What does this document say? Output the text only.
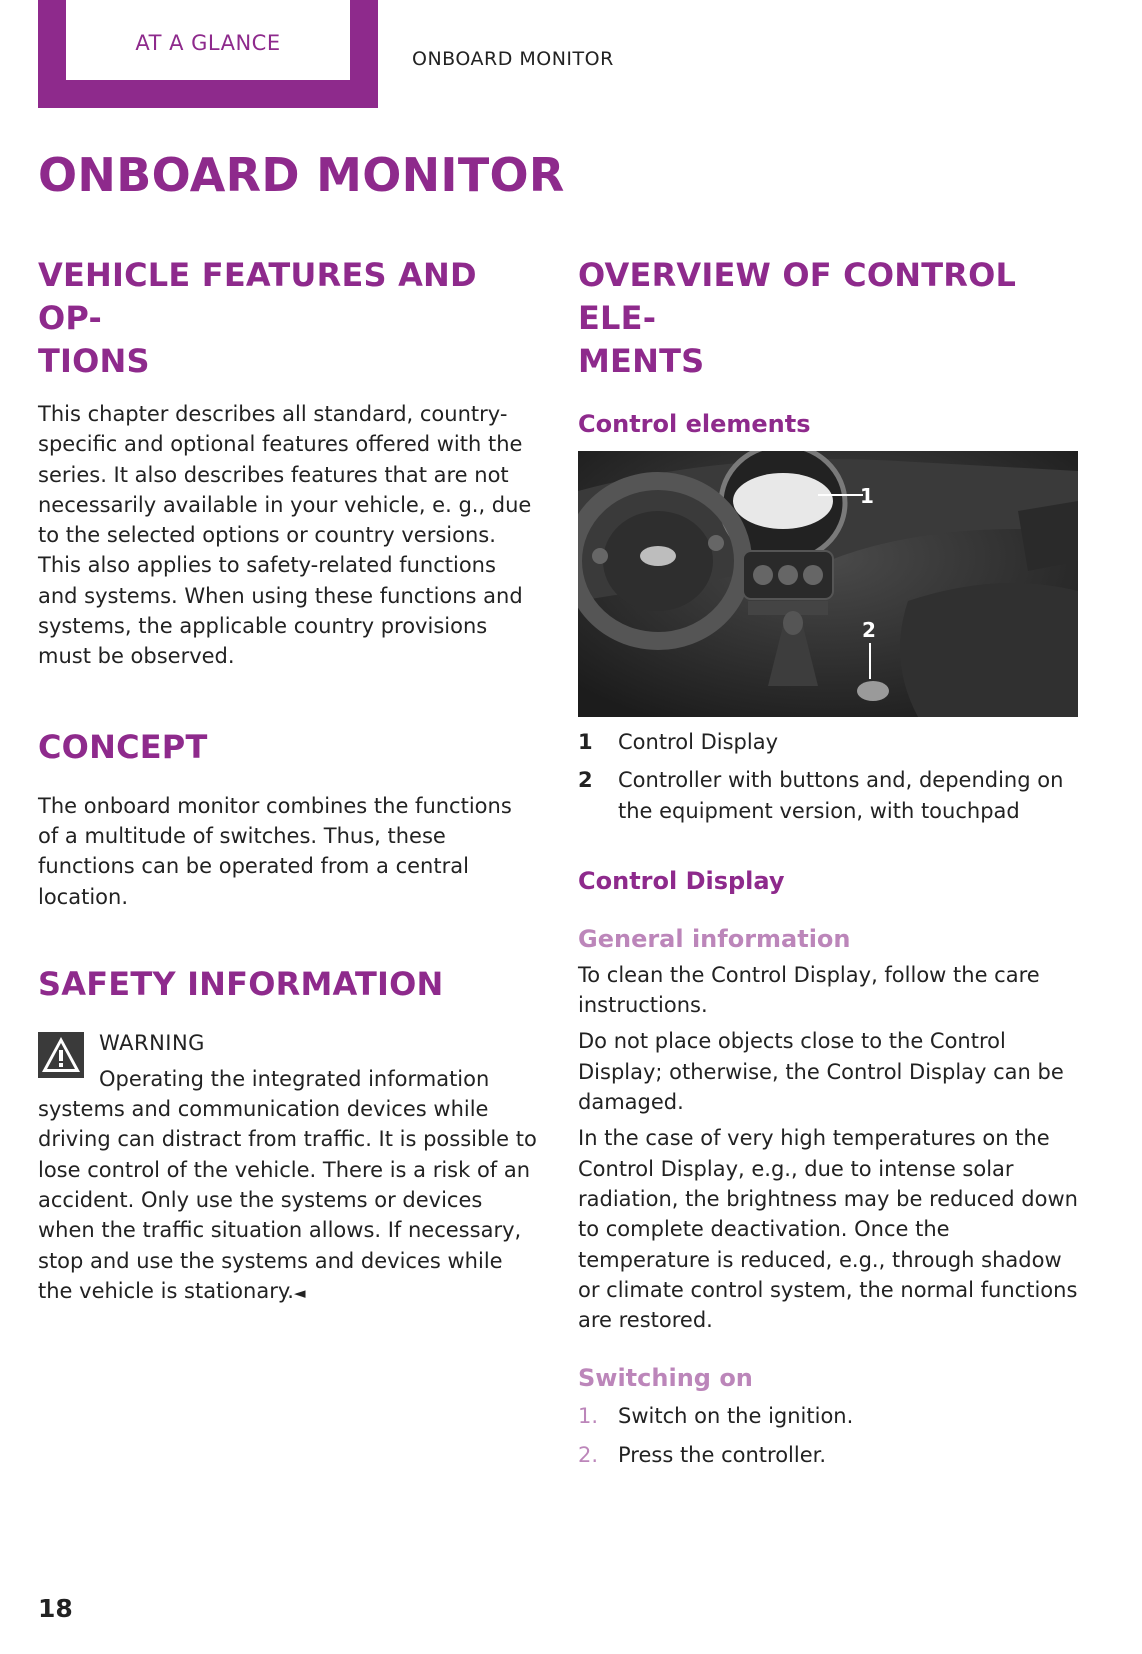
AT A GLANCE
ONBOARD MONITOR
ONBOARD MONITOR
VEHICLE FEATURES AND OP-
TIONS

This chapter describes all standard, country-specific and optional features offered with the series. It also describes features that are not necessarily available in your vehicle, e. g., due to the selected options or country versions. This also applies to safety-related functions and systems. When using these functions and systems, the applicable country provisions must be observed.

CONCEPT

The onboard monitor combines the functions of a multitude of switches. Thus, these functions can be operated from a central location.

SAFETY INFORMATION
WARNING

Operating the integrated information systems and communication devices while driving can distract from traffic. It is possible to lose control of the vehicle. There is a risk of an accident. Only use the systems or devices when the traffic situation allows. If necessary, stop and use the systems and devices while the vehicle is stationary.◄

OVERVIEW OF CONTROL ELE-
MENTS
Control elements
1
2
1	Control Display
2	Controller with buttons and, depending on the equipment version, with touchpad
Control Display
General information

To clean the Control Display, follow the care instructions.

Do not place objects close to the Control Display; otherwise, the Control Display can be damaged.

In the case of very high temperatures on the Control Display, e.g., due to intense solar radiation, the brightness may be reduced down to complete deactivation. Once the temperature is reduced, e.g., through shadow or climate control system, the normal functions are restored.

Switching on
1. Switch on the ignition.
2. Press the controller.
18
